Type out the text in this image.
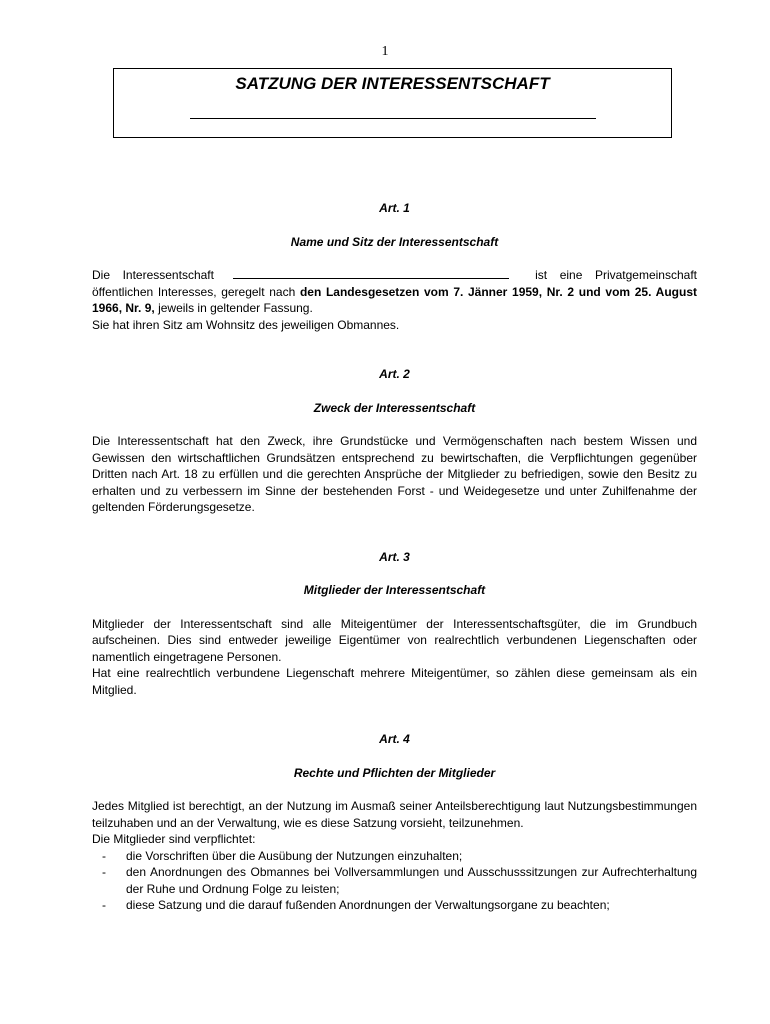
1
SATZUNG DER INTERESSENTSCHAFT

Art. 1

Name und Sitz der Interessentschaft

Die Interessentschaft	ist eine Privatgemeinschaft öffentlichen Interesses, geregelt nach den Landesgesetzen vom 7. Jänner 1959, Nr. 2 und vom 25. August 1966, Nr. 9, jeweils in geltender Fassung.

Sie hat ihren Sitz am Wohnsitz des jeweiligen Obmannes.

Art. 2

Zweck der Interessentschaft

Die Interessentschaft hat den Zweck, ihre Grundstücke und Vermögenschaften nach bestem Wissen und Gewissen den wirtschaftlichen Grundsätzen entsprechend zu bewirtschaften, die Verpflichtungen gegenüber Dritten nach Art. 18 zu erfüllen und die gerechten Ansprüche der Mitglieder zu befriedigen, sowie den Besitz zu erhalten und zu verbessern im Sinne der bestehenden Forst - und Weidegesetze und unter Zuhilfenahme der geltenden Förderungsgesetze.

Art. 3

Mitglieder der Interessentschaft

Mitglieder der Interessentschaft sind alle Miteigentümer der Interessentschaftsgüter, die im Grundbuch aufscheinen. Dies sind entweder jeweilige Eigentümer von realrechtlich verbundenen Liegenschaften oder namentlich eingetragene Personen.

Hat eine realrechtlich verbundene Liegenschaft mehrere Miteigentümer, so zählen diese gemeinsam als ein Mitglied.

Art. 4

Rechte und Pflichten der Mitglieder

Jedes Mitglied ist berechtigt, an der Nutzung im Ausmaß seiner Anteilsberechtigung laut Nutzungsbestimmungen teilzuhaben und an der Verwaltung, wie es diese Satzung vorsieht, teilzunehmen.

Die Mitglieder sind verpflichtet:

-	die Vorschriften über die Ausübung der Nutzungen einzuhalten;
-	den Anordnungen des Obmannes bei Vollversammlungen und Ausschusssitzungen zur Aufrechterhaltung der Ruhe und Ordnung Folge zu leisten;
-	diese Satzung und die darauf fußenden Anordnungen der Verwaltungsorgane zu beachten;
